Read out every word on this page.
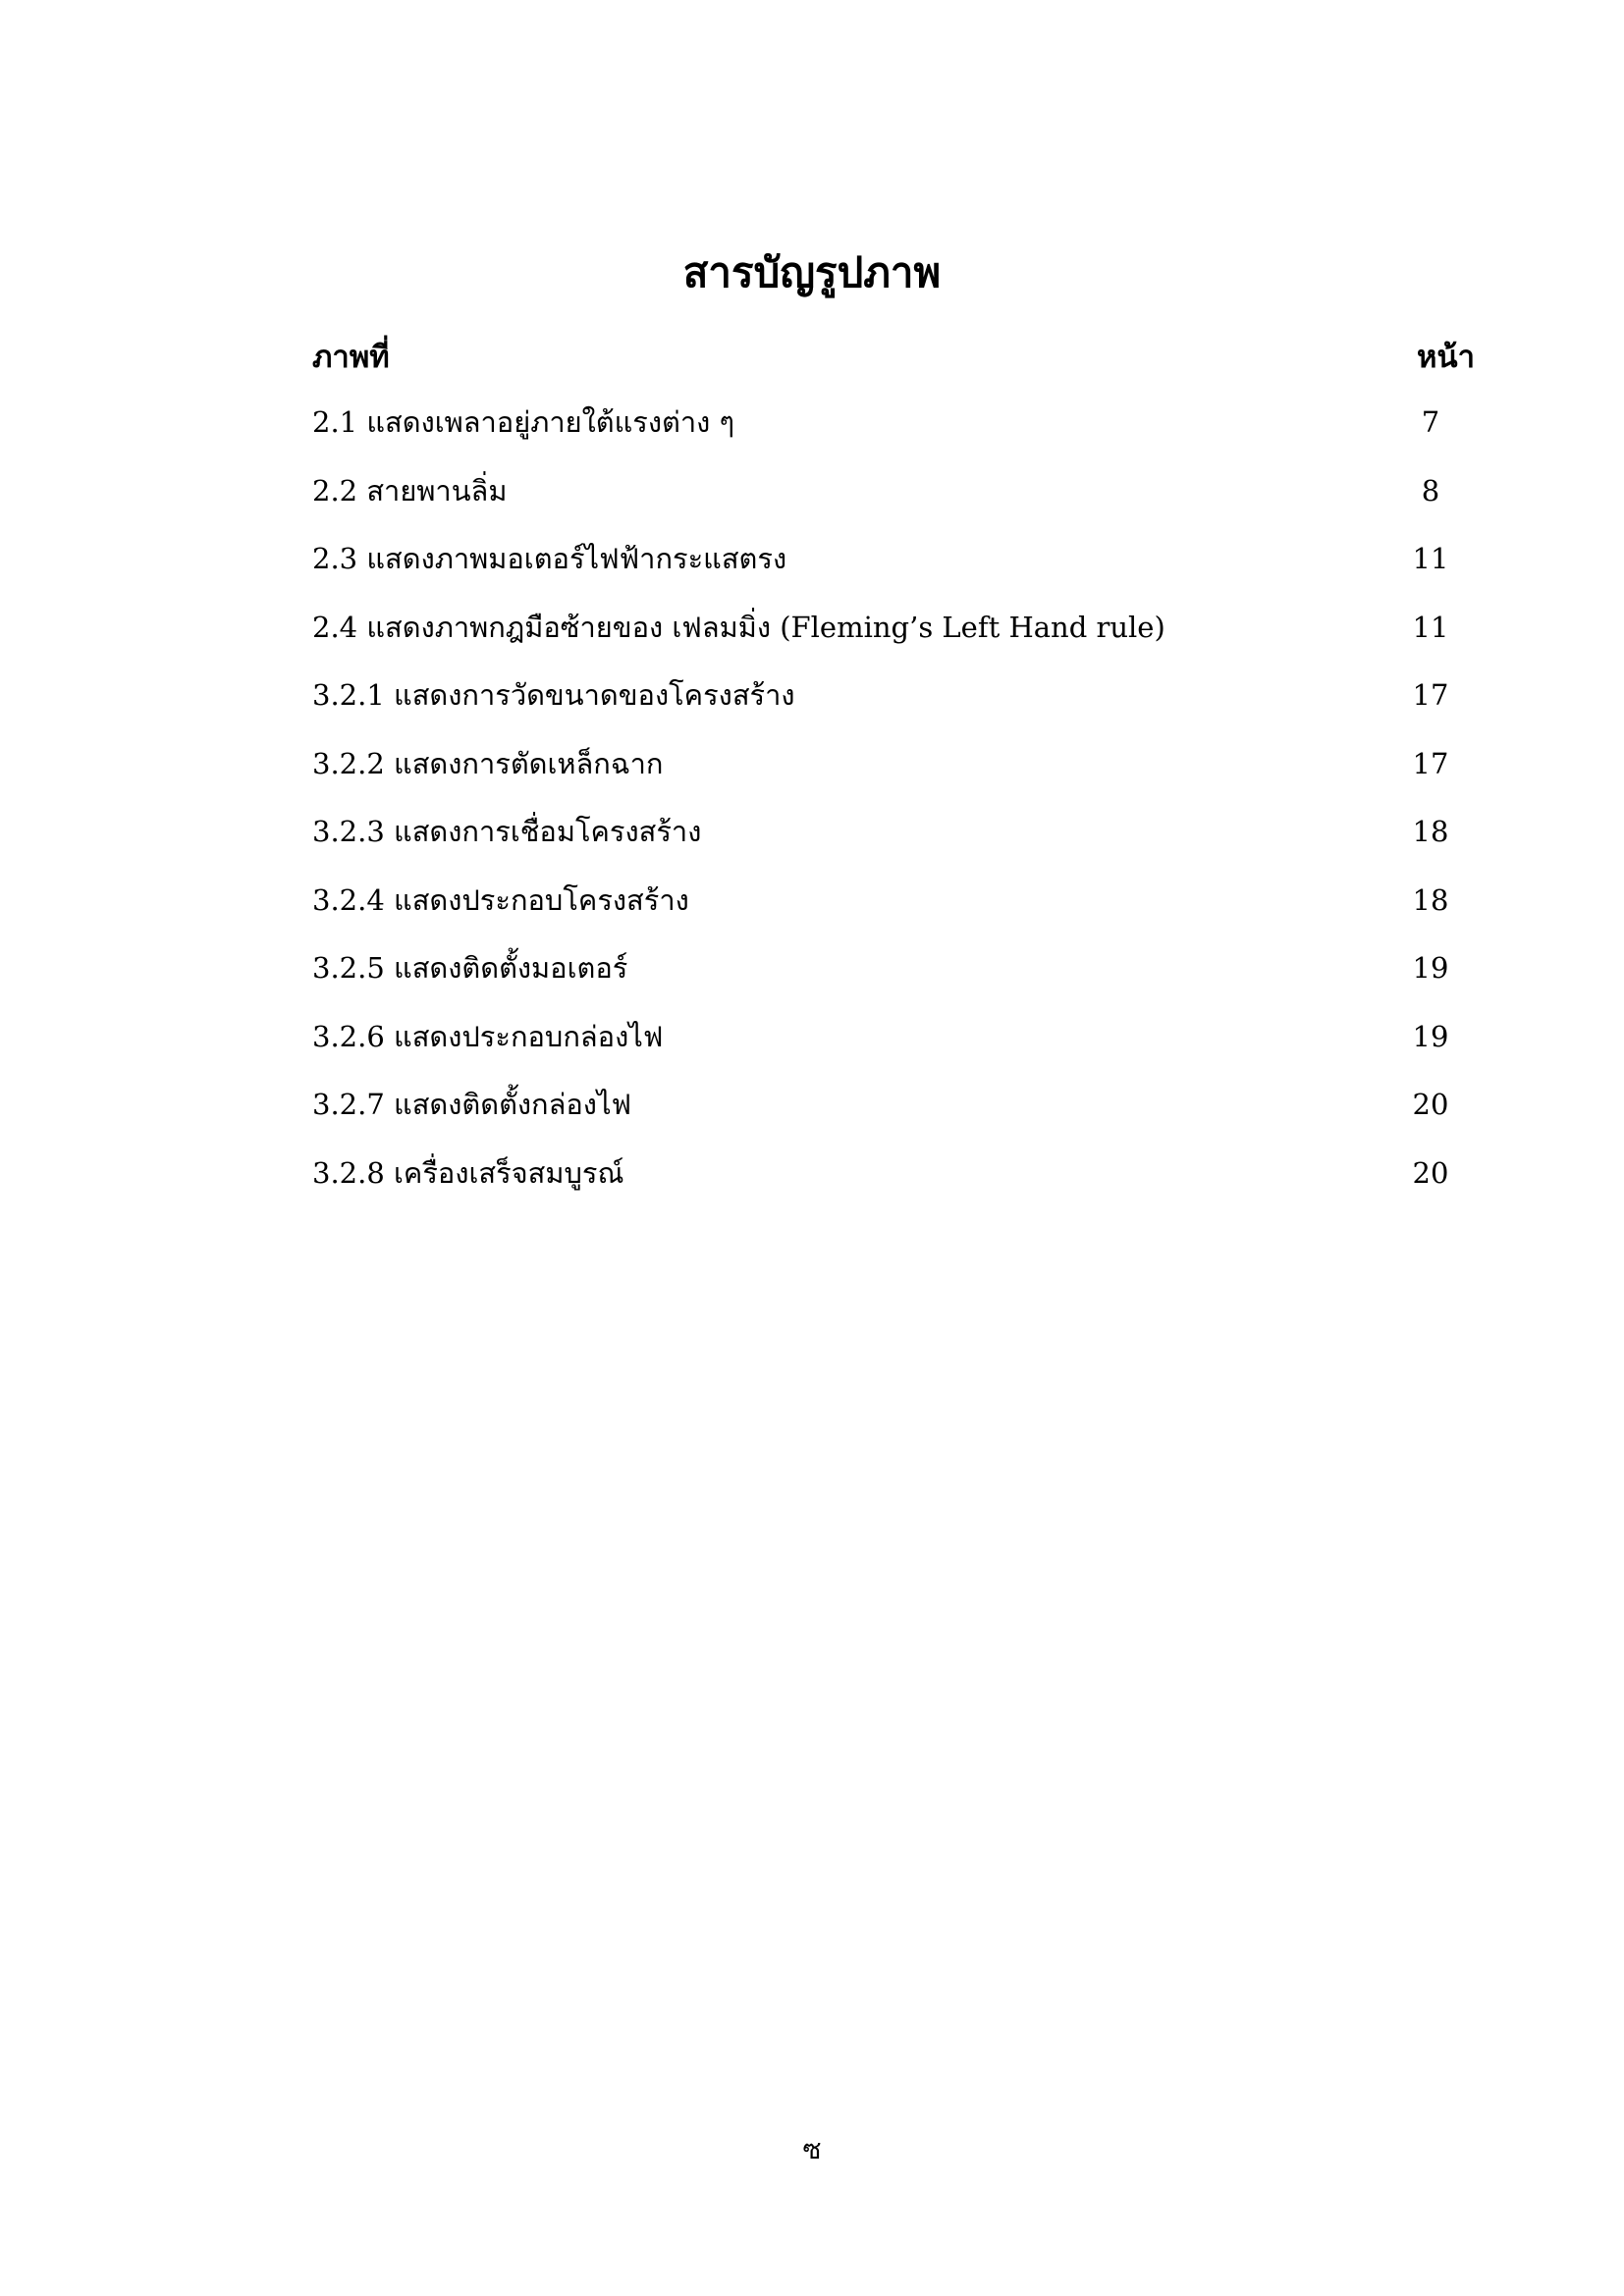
สารบัญรูปภาพ
ภาพที่	หน้า
2.1 แสดงเพลาอยู่ภายใต้แรงต่าง ๆ	7
2.2 สายพานลิ่ม	8
2.3 แสดงภาพมอเตอร์ไฟฟ้ากระแสตรง	11
2.4 แสดงภาพกฎมือซ้ายของ เฟลมมิ่ง (Fleming’s Left Hand rule)	11
3.2.1 แสดงการวัดขนาดของโครงสร้าง	17
3.2.2 แสดงการตัดเหล็กฉาก	17
3.2.3 แสดงการเชื่อมโครงสร้าง	18
3.2.4 แสดงประกอบโครงสร้าง	18
3.2.5 แสดงติดตั้งมอเตอร์	19
3.2.6 แสดงประกอบกล่องไฟ	19
3.2.7 แสดงติดตั้งกล่องไฟ	20
3.2.8 เครื่องเสร็จสมบูรณ์	20
ซ
